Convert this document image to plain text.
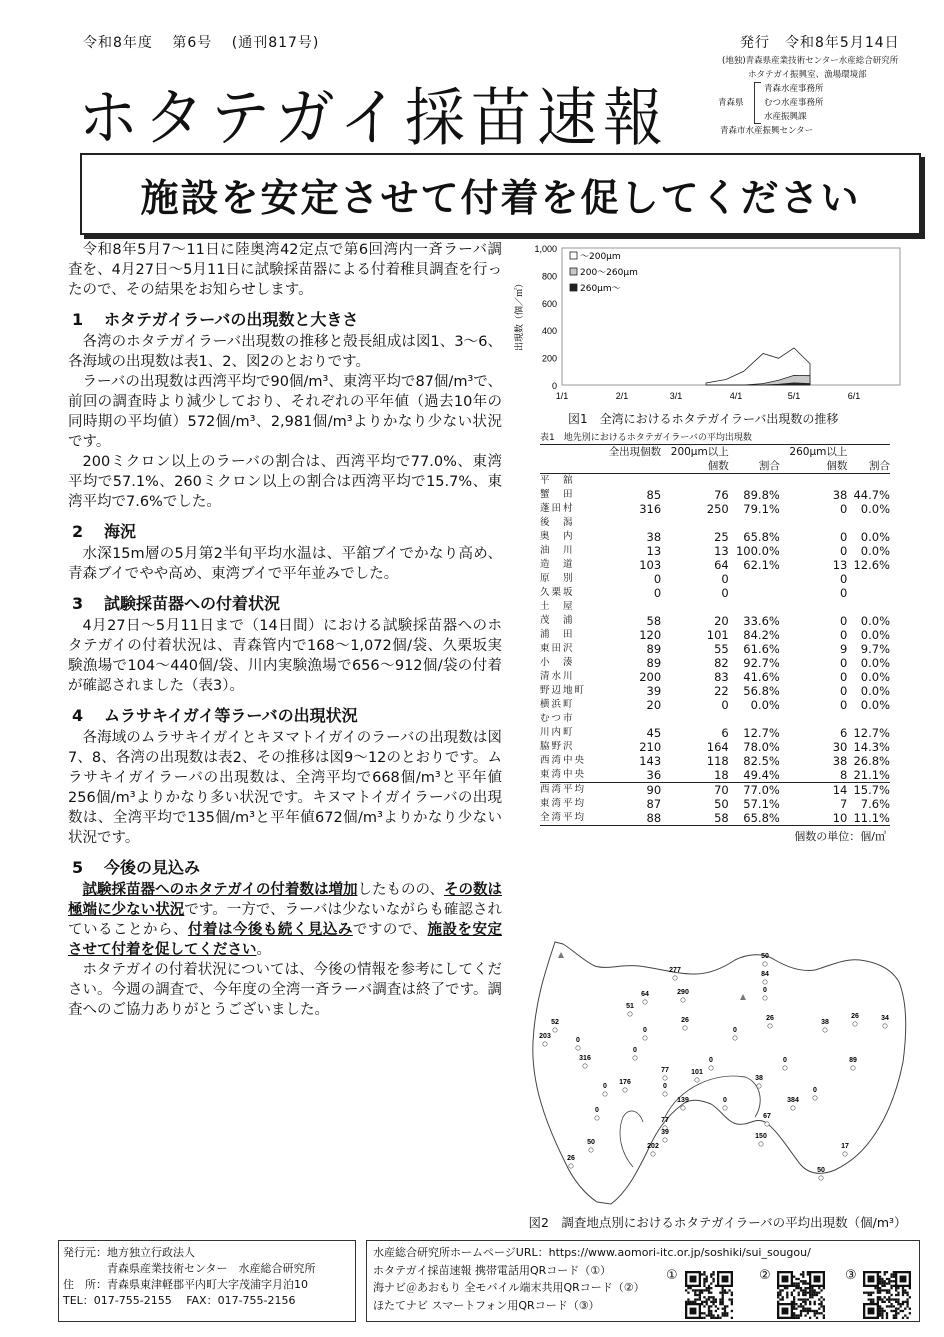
令和8年度 第6号 (通刊817号)	発行　令和8年5月14日
(地独)青森県産業技術センター水産総合研究所
ホタテガイ振興室、漁場環境部
青森県
青森水産事務所
むつ水産事務所
水産振興課
青森市水産振興センター
ホタテガイ採苗速報
施設を安定させて付着を促してください

令和8年5月7～11日に陸奥湾42定点で第6回湾内一斉ラーバ調査を、4月27日～5月11日に試験採苗器による付着稚貝調査を行ったので、その結果をお知らせします。

1 ホタテガイラーバの出現数と大きさ

各湾のホタテガイラーバ出現数の推移と殻長組成は図1、3～6、各海域の出現数は表1、2、図2のとおりです。

ラーバの出現数は西湾平均で90個/m³、東湾平均で87個/m³で、前回の調査時より減少しており、それぞれの平年値（過去10年の同時期の平均値）572個/m³、2,981個/m³よりかなり少ない状況です。

200ミクロン以上のラーバの割合は、西湾平均で77.0%、東湾平均で57.1%、260ミクロン以上の割合は西湾平均で15.7%、東湾平均で7.6%でした。

2 海況

水深15m層の5月第2半旬平均水温は、平舘ブイでかなり高め、青森ブイでやや高め、東湾ブイで平年並みでした。

3 試験採苗器への付着状況

4月27日～5月11日まで（14日間）における試験採苗器へのホタテガイの付着状況は、青森管内で168～1,072個/袋、久栗坂実験漁場で104～440個/袋、川内実験漁場で656～912個/袋の付着が確認されました（表3）。

4 ムラサキイガイ等ラーバの出現状況

各海域のムラサキイガイとキヌマトイガイのラーバの出現数は図7、8、各湾の出現数は表2、その推移は図9～12のとおりです。ムラサキイガイラーバの出現数は、全湾平均で668個/m³と平年値256個/m³よりかなり多い状況です。キヌマトイガイラーバの出現数は、全湾平均で135個/m³と平年値672個/m³よりかなり少ない状況です。

5 今後の見込み

試験採苗器へのホタテガイの付着数は増加したものの、その数は極端に少ない状況です。一方で、ラーバは少ないながらも確認されていることから、付着は今後も続く見込みですので、施設を安定させて付着を促してください。

ホタテガイの付着状況については、今後の情報を参考にしてください。今週の調査で、今年度の全湾一斉ラーバ調査は終了です。調査へのご協力ありがとうございました。

0
200
400
600
800
1,000
1/1	2/1	3/1	4/1	5/1	6/1
出現数（個／㎡）
～200μm
200～260μm
260μm～
図1　全湾におけるホタテガイラーバ出現数の推移
表1　地先別におけるホタテガイラーバの平均出現数
	全出現個数	200μm以上		260μm以上	
		個数	割合	個数	割合
平　舘					
蟹　田	85	76	89.8%	38	44.7%
蓬田村	316	250	79.1%	0	0.0%
後　潟					
奥　内	38	25	65.8%	0	0.0%
油　川	13	13	100.0%	0	0.0%
造　道	103	64	62.1%	13	12.6%
原　別	0	0		0	
久栗坂	0	0		0	
土　屋					
茂　浦	58	20	33.6%	0	0.0%
浦　田	120	101	84.2%	0	0.0%
東田沢	89	55	61.6%	9	9.7%
小　湊	89	82	92.7%	0	0.0%
清水川	200	83	41.6%	0	0.0%
野辺地町	39	22	56.8%	0	0.0%
横浜町	20	0	0.0%	0	0.0%
むつ市					
川内町	45	6	12.7%	6	12.7%
脇野沢	210	164	78.0%	30	14.3%
西湾中央	143	118	82.5%	38	26.8%
東湾中央	36	18	49.4%	8	21.1%
西湾平均	90	70	77.0%	14	15.7%
東湾平均	87	50	57.1%	7	7.6%
全湾平均	88	58	65.8%	10	11.1%
個数の単位：個/㎥
277
290
64
50
84
0
26	26
38
26	34
52
51
0
203
316
0
89
176
77	101
38
139	384
77
39
67
150
50
202	17
26
50
0
0
0	0
0
0
0
0	0
図2　調査地点別におけるホタテガイラーバの平均出現数（個/m³）
発行元：地方独立行政法人
青森県産業技術センター　水産総合研究所
住　所：青森県東津軽郡平内町大字茂浦字月泊10
TEL：017-755-2155　 FAX：017-755-2156
水産総合研究所ホームページURL：https://www.aomori-itc.or.jp/soshiki/sui_sougou/
ホタテガイ採苗速報 携帯電話用QRコード（①）
海ナビ＠あおもり 全モバイル端末共用QRコード（②）
ほたてナビ スマートフォン用QRコード（③）
①	②	③
